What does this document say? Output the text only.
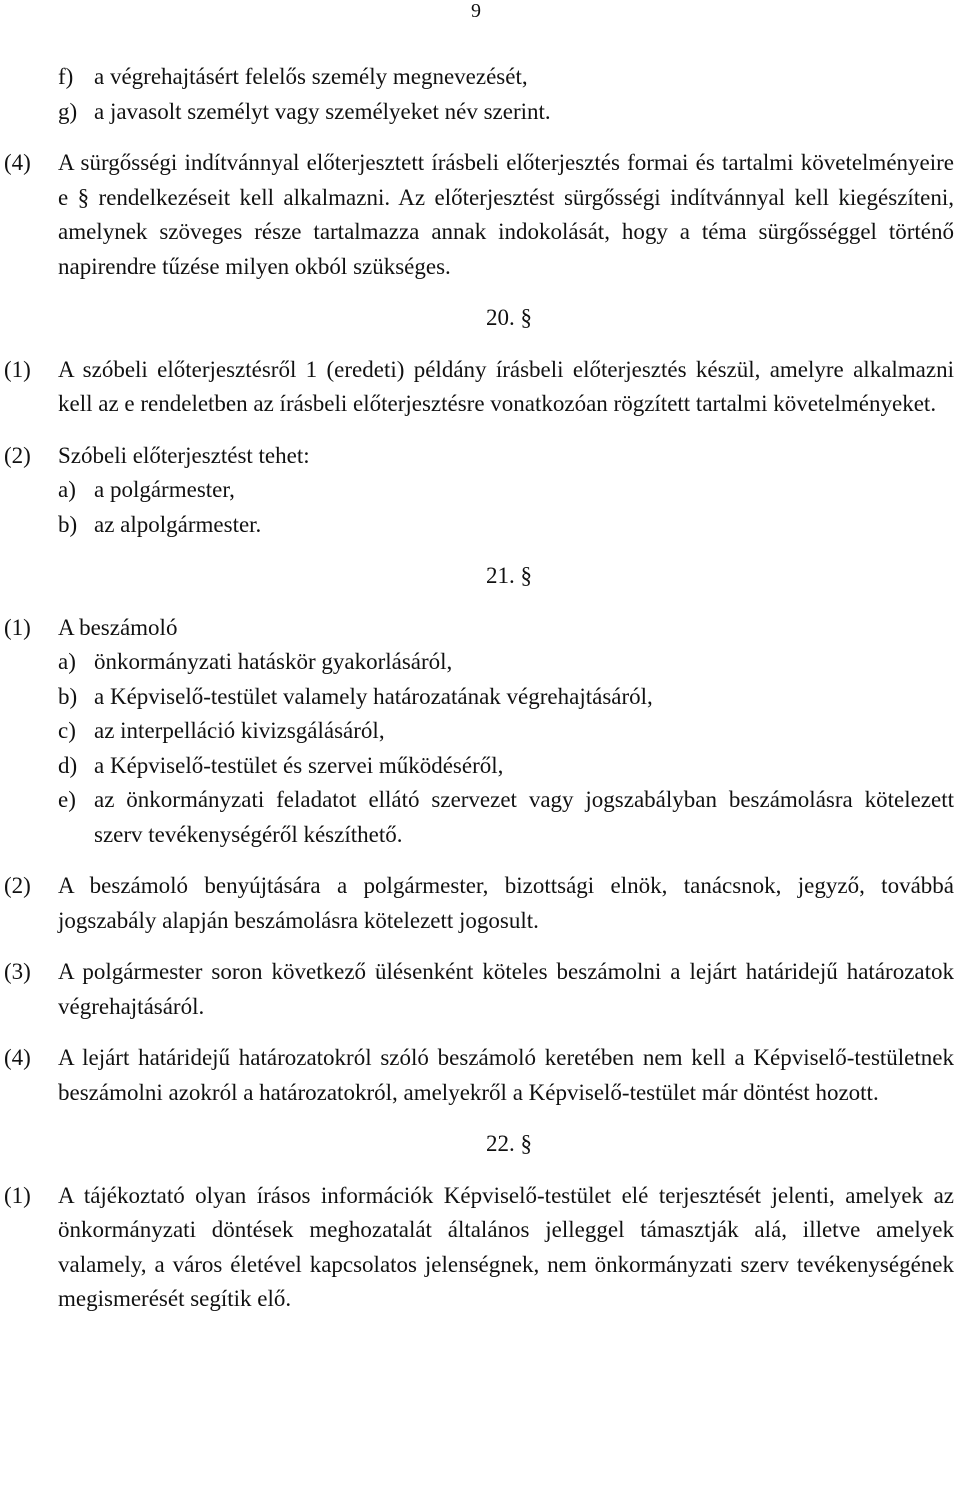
9

f) a végrehajtásért felelős személy megnevezését,

g) a javasolt személyt vagy személyeket név szerint.

(4) A sürgősségi indítvánnyal előterjesztett írásbeli előterjesztés formai és tartalmi követelményeire e § rendelkezéseit kell alkalmazni. Az előterjesztést sürgősségi indítvánnyal kell kiegészíteni, amelynek szöveges része tartalmazza annak indokolását, hogy a téma sürgősséggel történő napirendre tűzése milyen okból szükséges.

20. §

(1) A szóbeli előterjesztésről 1 (eredeti) példány írásbeli előterjesztés készül, amelyre alkalmazni kell az e rendeletben az írásbeli előterjesztésre vonatkozóan rögzített tartalmi követelményeket.

(2) Szóbeli előterjesztést tehet:

a) a polgármester,

b) az alpolgármester.

21. §

(1) A beszámoló

a) önkormányzati hatáskör gyakorlásáról,

b) a Képviselő-testület valamely határozatának végrehajtásáról,

c) az interpelláció kivizsgálásáról,

d) a Képviselő-testület és szervei működéséről,

e) az önkormányzati feladatot ellátó szervezet vagy jogszabályban beszámolásra kötelezett szerv tevékenységéről készíthető.

(2) A beszámoló benyújtására a polgármester, bizottsági elnök, tanácsnok, jegyző, továbbá jogszabály alapján beszámolásra kötelezett jogosult.

(3) A polgármester soron következő ülésenként köteles beszámolni a lejárt határidejű határozatok végrehajtásáról.

(4) A lejárt határidejű határozatokról szóló beszámoló keretében nem kell a Képviselő-testületnek beszámolni azokról a határozatokról, amelyekről a Képviselő-testület már döntést hozott.

22. §

(1) A tájékoztató olyan írásos információk Képviselő-testület elé terjesztését jelenti, amelyek az önkormányzati döntések meghozatalát általános jelleggel támasztják alá, illetve amelyek valamely, a város életével kapcsolatos jelenségnek, nem önkormányzati szerv tevékenységének megismerését segítik elő.
